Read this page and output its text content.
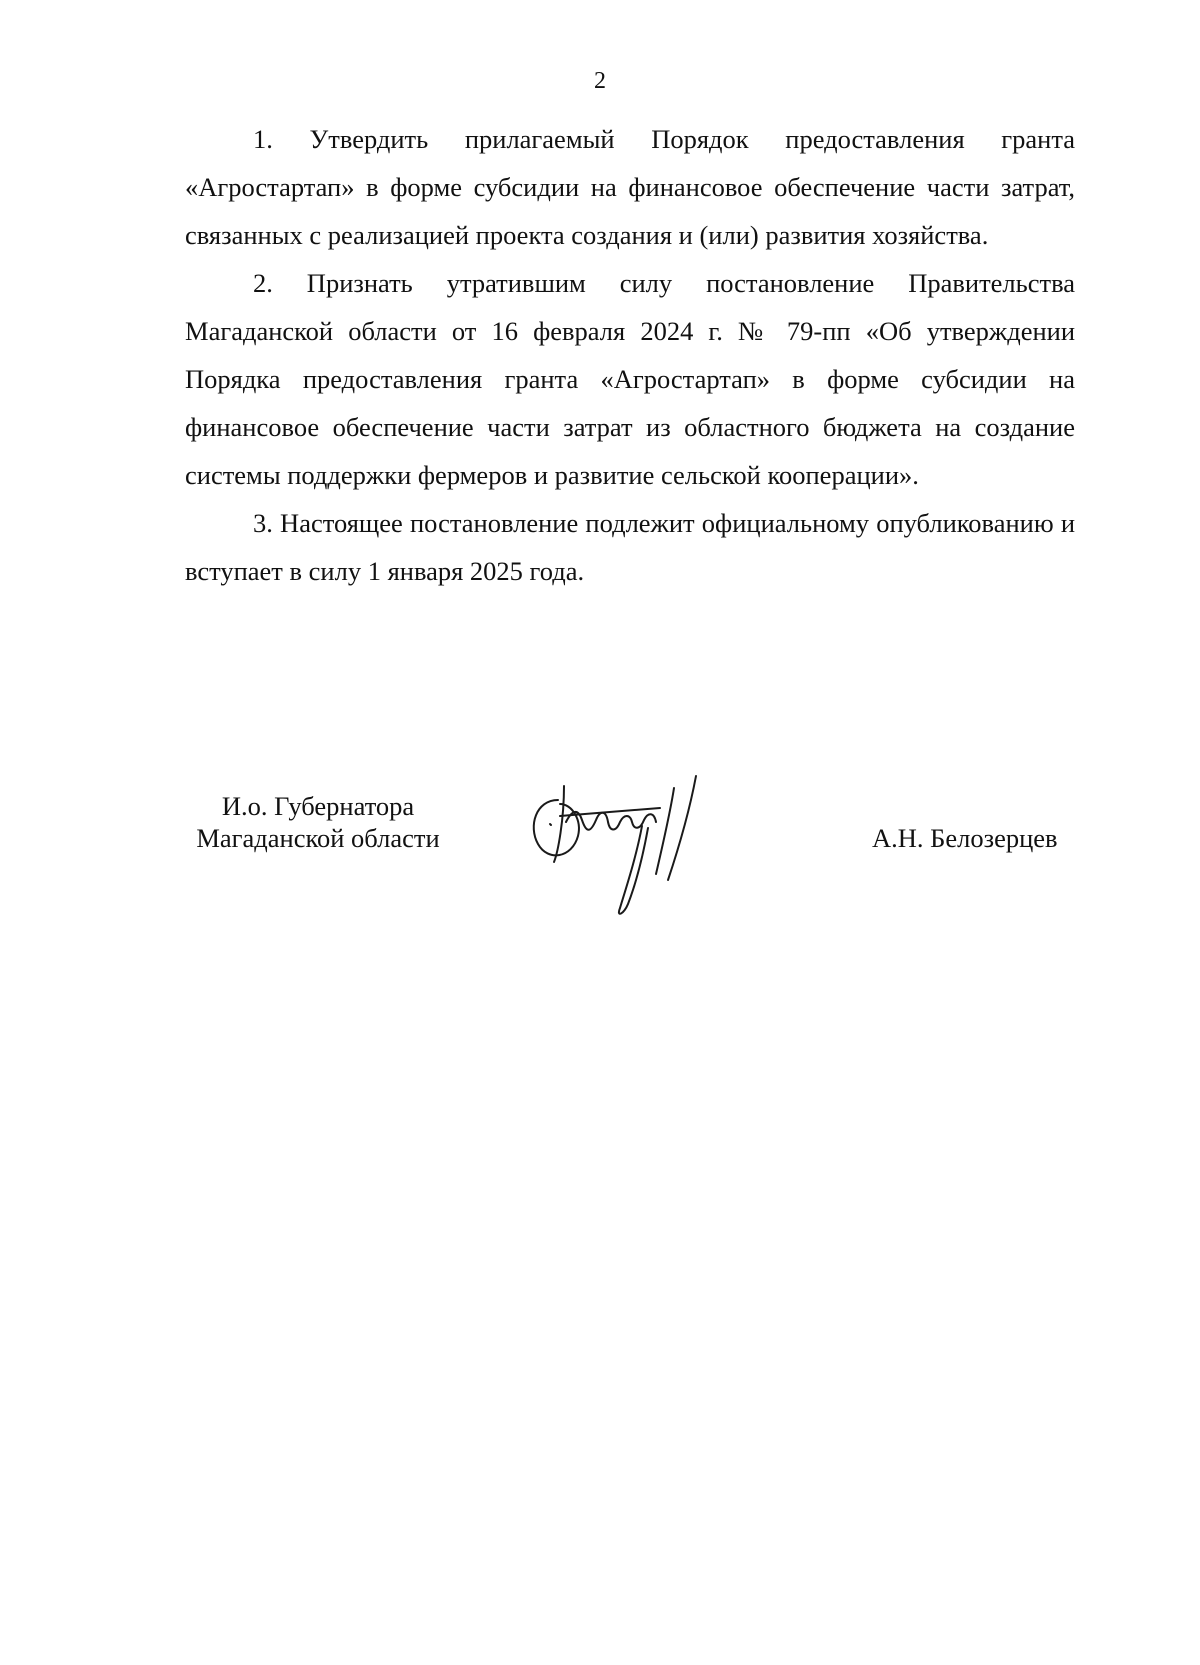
2

1. Утвердить прилагаемый Порядок предоставления гранта «Агростартап» в форме субсидии на финансовое обеспечение части затрат, связанных с реализацией проекта создания и (или) развития хозяйства.

2. Признать утратившим силу постановление Правительства Магаданской области от 16 февраля 2024 г. № 79-пп «Об утверждении Порядка предоставления гранта «Агростартап» в форме субсидии на финансовое обеспечение части затрат из областного бюджета на создание системы поддержки фермеров и развитие сельской кооперации».

3. Настоящее постановление подлежит официальному опубликованию и вступает в силу 1 января 2025 года.

И.о. Губернатора
Магаданской области	А.Н. Белозерцев
